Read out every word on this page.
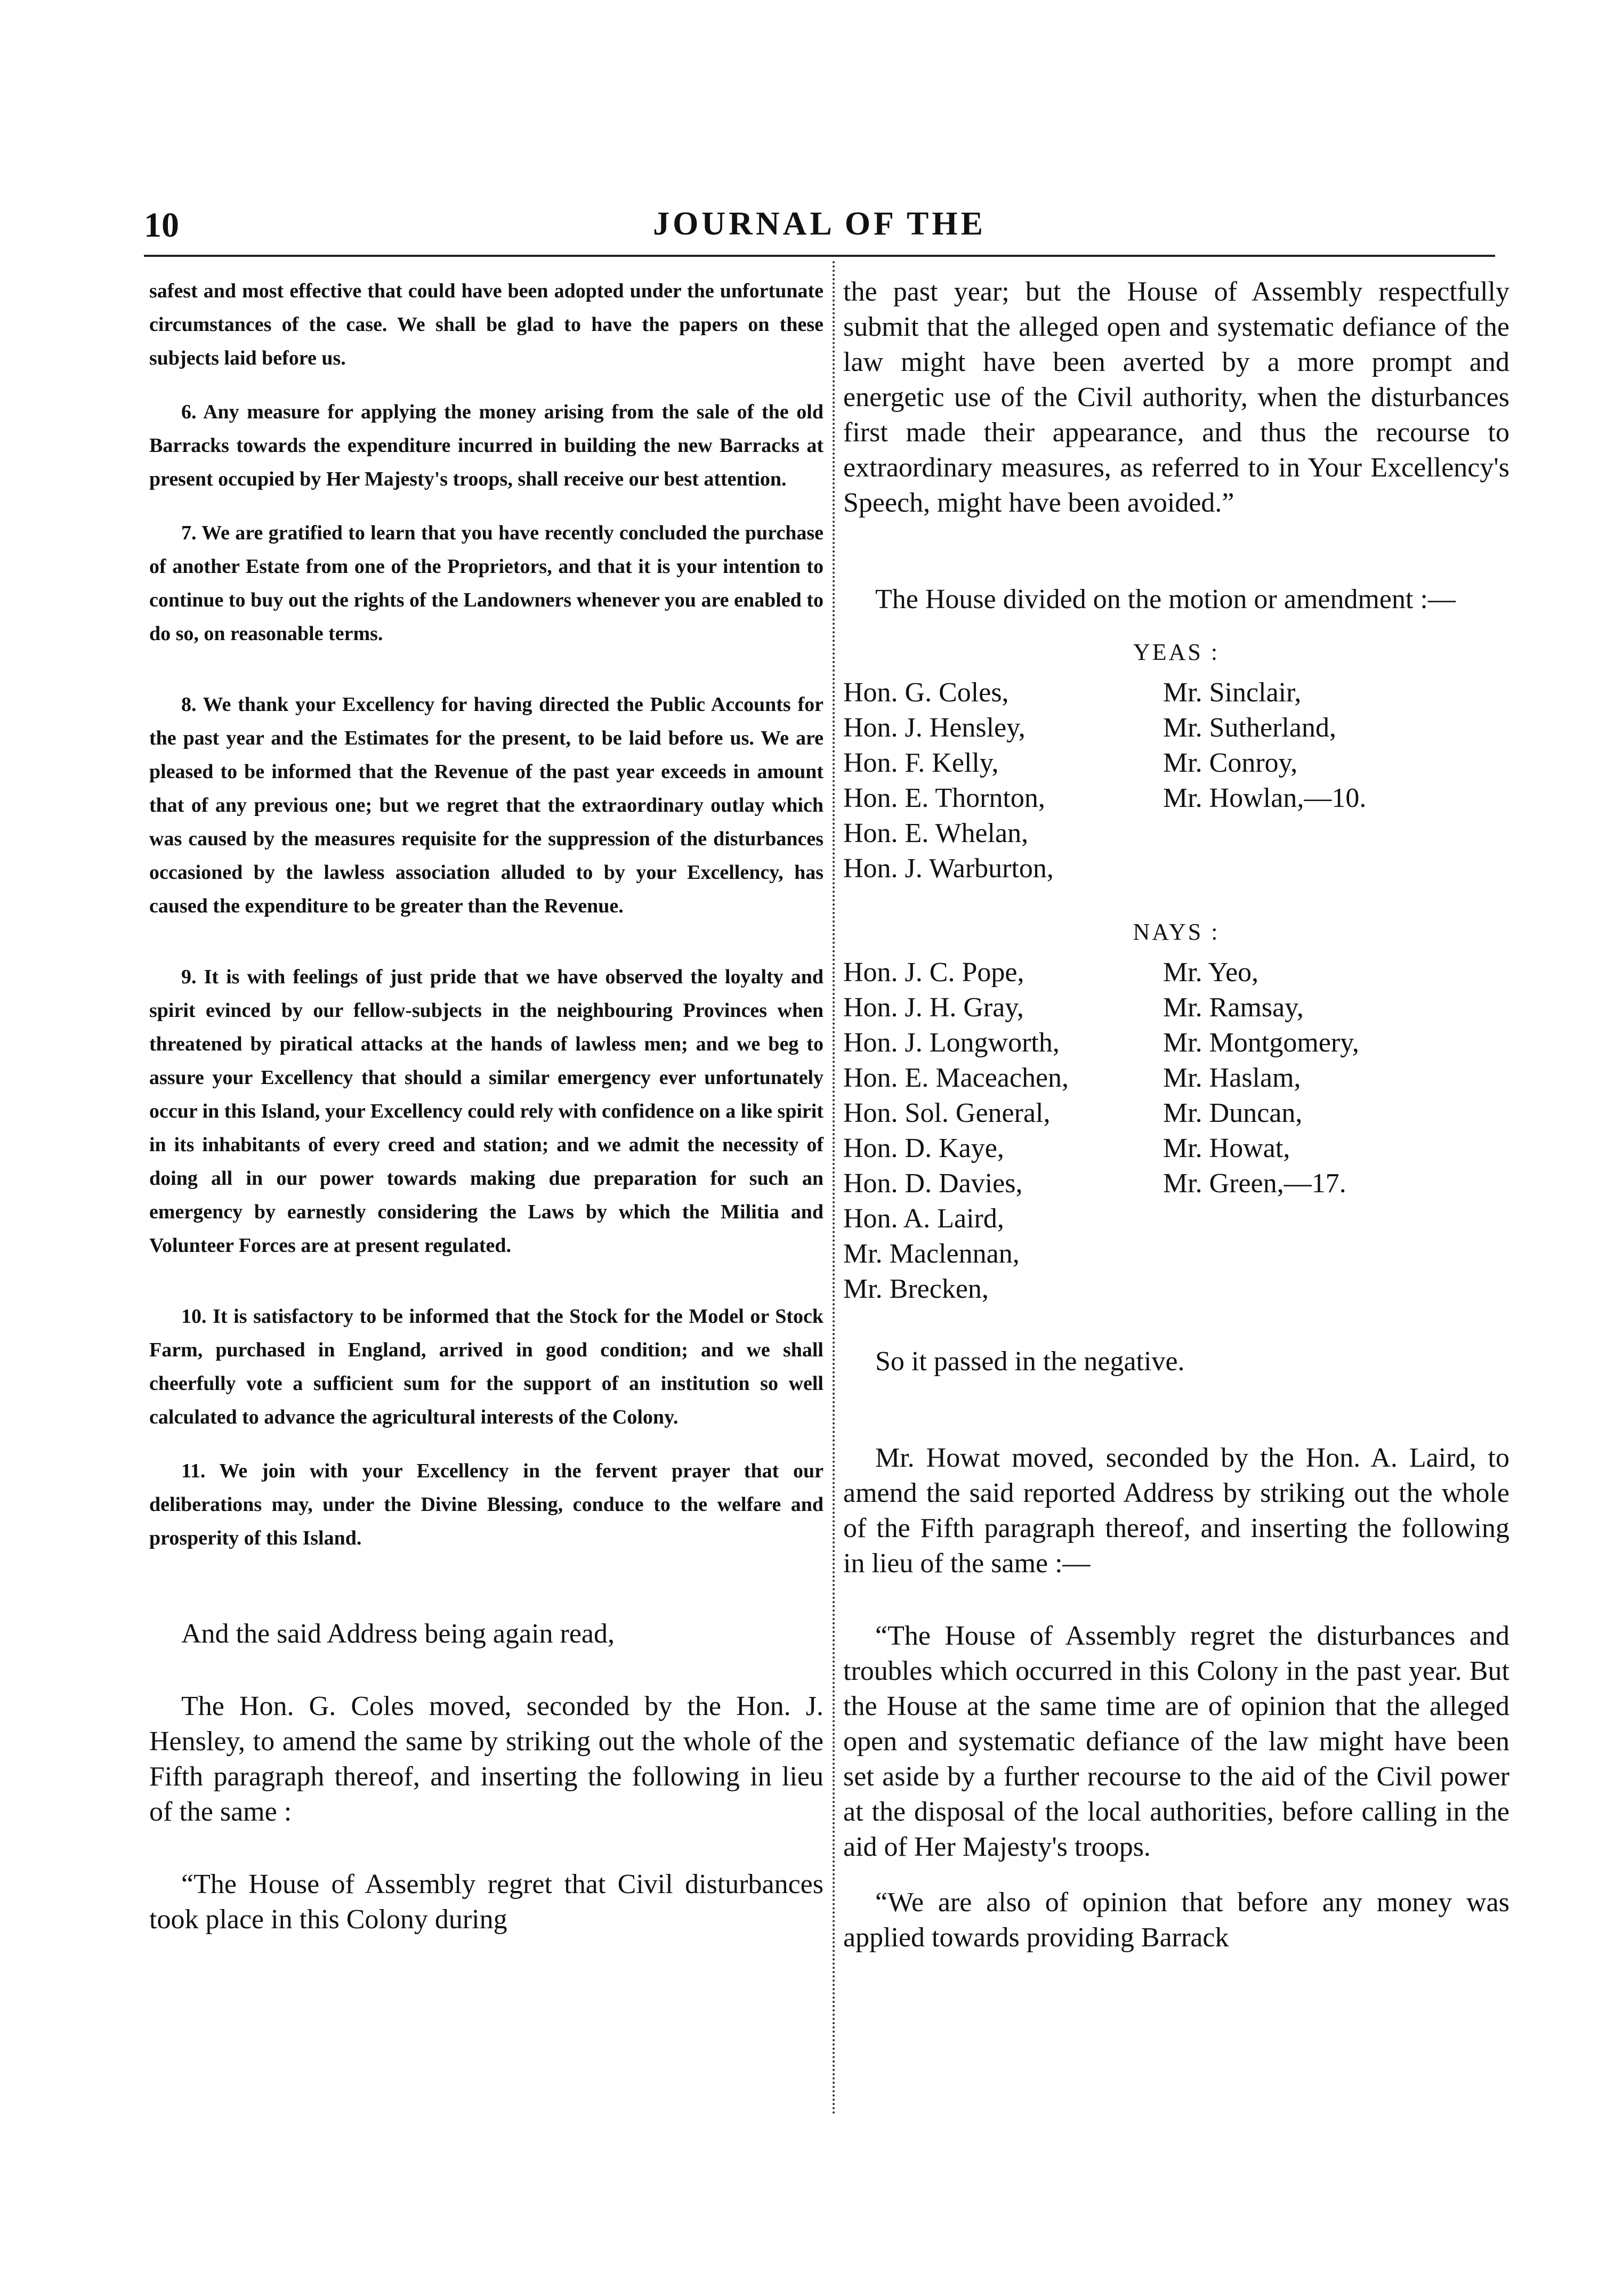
10	JOURNAL OF THE

safest and most effective that could have been adopted under the unfortunate circumstances of the case. We shall be glad to have the papers on these subjects laid before us.

6. Any measure for applying the money arising from the sale of the old Barracks towards the expenditure incurred in building the new Barracks at present occupied by Her Majesty's troops, shall receive our best attention.

7. We are gratified to learn that you have recently concluded the purchase of another Estate from one of the Proprietors, and that it is your intention to continue to buy out the rights of the Landowners whenever you are enabled to do so, on reasonable terms.

8. We thank your Excellency for having directed the Public Accounts for the past year and the Estimates for the present, to be laid before us. We are pleased to be informed that the Revenue of the past year exceeds in amount that of any previous one; but we regret that the extraordinary outlay which was caused by the measures requisite for the suppression of the disturbances occasioned by the lawless association alluded to by your Excellency, has caused the expenditure to be greater than the Revenue.

9. It is with feelings of just pride that we have observed the loyalty and spirit evinced by our fellow-subjects in the neighbouring Provinces when threatened by piratical attacks at the hands of lawless men; and we beg to assure your Excellency that should a similar emergency ever unfortunately occur in this Island, your Excellency could rely with confidence on a like spirit in its inhabitants of every creed and station; and we admit the necessity of doing all in our power towards making due preparation for such an emergency by earnestly considering the Laws by which the Militia and Volunteer Forces are at present regulated.

10. It is satisfactory to be informed that the Stock for the Model or Stock Farm, purchased in England, arrived in good condition; and we shall cheerfully vote a sufficient sum for the support of an institution so well calculated to advance the agricultural interests of the Colony.

11. We join with your Excellency in the fervent prayer that our deliberations may, under the Divine Blessing, conduce to the welfare and prosperity of this Island.

And the said Address being again read,

The Hon. G. Coles moved, seconded by the Hon. J. Hensley, to amend the same by striking out the whole of the Fifth paragraph thereof, and inserting the following in lieu of the same :

“The House of Assembly regret that Civil disturbances took place in this Colony during

the past year; but the House of Assembly respectfully submit that the alleged open and systematic defiance of the law might have been averted by a more prompt and energetic use of the Civil authority, when the disturbances first made their appearance, and thus the recourse to extraordinary measures, as referred to in Your Excellency's Speech, might have been avoided.”

The House divided on the motion or amendment :—

YEAS :
Hon. G. Coles,	Mr. Sinclair,
Hon. J. Hensley,	Mr. Sutherland,
Hon. F. Kelly,	Mr. Conroy,
Hon. E. Thornton,	Mr. Howlan,—10.
Hon. E. Whelan,	
Hon. J. Warburton,	
NAYS :
Hon. J. C. Pope,	Mr. Yeo,
Hon. J. H. Gray,	Mr. Ramsay,
Hon. J. Longworth,	Mr. Montgomery,
Hon. E. Maceachen,	Mr. Haslam,
Hon. Sol. General,	Mr. Duncan,
Hon. D. Kaye,	Mr. Howat,
Hon. D. Davies,	Mr. Green,—17.
Hon. A. Laird,	
Mr. Maclennan,	
Mr. Brecken,	

So it passed in the negative.

Mr. Howat moved, seconded by the Hon. A. Laird, to amend the said reported Address by striking out the whole of the Fifth paragraph thereof, and inserting the following in lieu of the same :—

“The House of Assembly regret the disturbances and troubles which occurred in this Colony in the past year. But the House at the same time are of opinion that the alleged open and systematic defiance of the law might have been set aside by a further recourse to the aid of the Civil power at the disposal of the local authorities, before calling in the aid of Her Majesty's troops.

“We are also of opinion that before any money was applied towards providing Barrack
